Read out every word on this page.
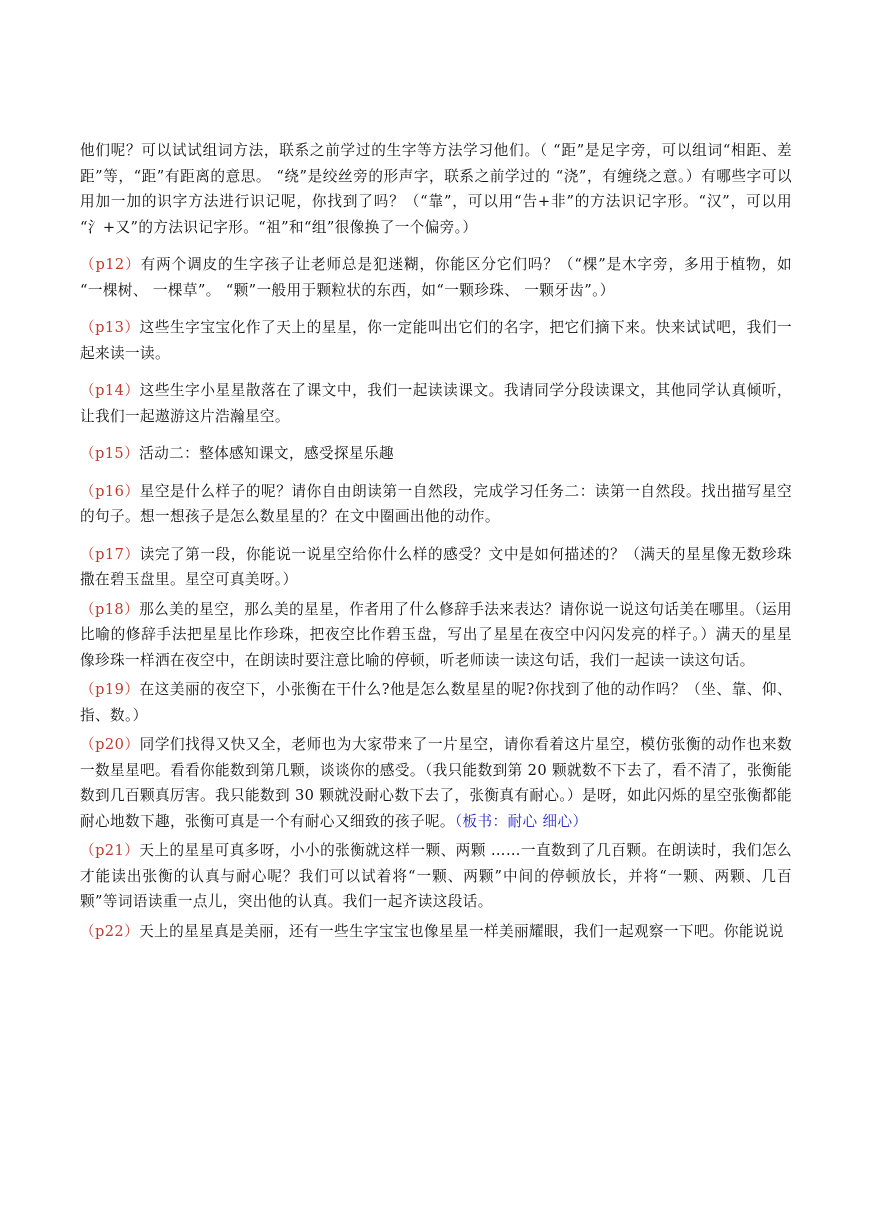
他们呢？可以试试组词方法，联系之前学过的生字等方法学习他们。（ “距”是足字旁，可以组词“相距、差距”等，“距”有距离的意思。 “绕”是绞丝旁的形声字，联系之前学过的 “浇”，有缠绕之意。）有哪些字可以用加一加的识字方法进行识记呢，你找到了吗？（“靠”，可以用“告+非”的方法识记字形。“汉”，可以用 “氵+又”的方法识记字形。“祖”和“组”很像换了一个偏旁。）

（p12）有两个调皮的生字孩子让老师总是犯迷糊，你能区分它们吗？（“棵”是木字旁，多用于植物，如 “一棵树、 一棵草”。 “颗”一般用于颗粒状的东西，如“一颗珍珠、 一颗牙齿”。）

（p13）这些生字宝宝化作了天上的星星，你一定能叫出它们的名字，把它们摘下来。快来试试吧，我们一起来读一读。

（p14）这些生字小星星散落在了课文中，我们一起读读课文。我请同学分段读课文，其他同学认真倾听，让我们一起遨游这片浩瀚星空。

（p15）活动二：整体感知课文，感受探星乐趣

（p16）星空是什么样子的呢？请你自由朗读第一自然段，完成学习任务二：读第一自然段。找出描写星空的句子。想一想孩子是怎么数星星的？在文中圈画出他的动作。

（p17）读完了第一段，你能说一说星空给你什么样的感受？文中是如何描述的？（满天的星星像无数珍珠撒在碧玉盘里。星空可真美呀。）

（p18）那么美的星空，那么美的星星，作者用了什么修辞手法来表达？请你说一说这句话美在哪里。（运用比喻的修辞手法把星星比作珍珠，把夜空比作碧玉盘，写出了星星在夜空中闪闪发亮的样子。）满天的星星像珍珠一样洒在夜空中，在朗读时要注意比喻的停顿，听老师读一读这句话，我们一起读一读这句话。

（p19）在这美丽的夜空下，小张衡在干什么?他是怎么数星星的呢?你找到了他的动作吗？（坐、靠、仰、指、数。）

（p20）同学们找得又快又全，老师也为大家带来了一片星空，请你看着这片星空，模仿张衡的动作也来数一数星星吧。看看你能数到第几颗，谈谈你的感受。（我只能数到第 20 颗就数不下去了，看不清了，张衡能数到几百颗真厉害。我只能数到 30 颗就没耐心数下去了，张衡真有耐心。）是呀，如此闪烁的星空张衡都能耐心地数下趣，张衡可真是一个有耐心又细致的孩子呢。（板书：耐心 细心）

（p21）天上的星星可真多呀，小小的张衡就这样一颗、两颗 ……一直数到了几百颗。在朗读时，我们怎么才能读出张衡的认真与耐心呢？我们可以试着将“一颗、两颗”中间的停顿放长，并将“一颗、两颗、几百颗”等词语读重一点儿，突出他的认真。我们一起齐读这段话。

（p22）天上的星星真是美丽，还有一些生字宝宝也像星星一样美丽耀眼，我们一起观察一下吧。你能说说
